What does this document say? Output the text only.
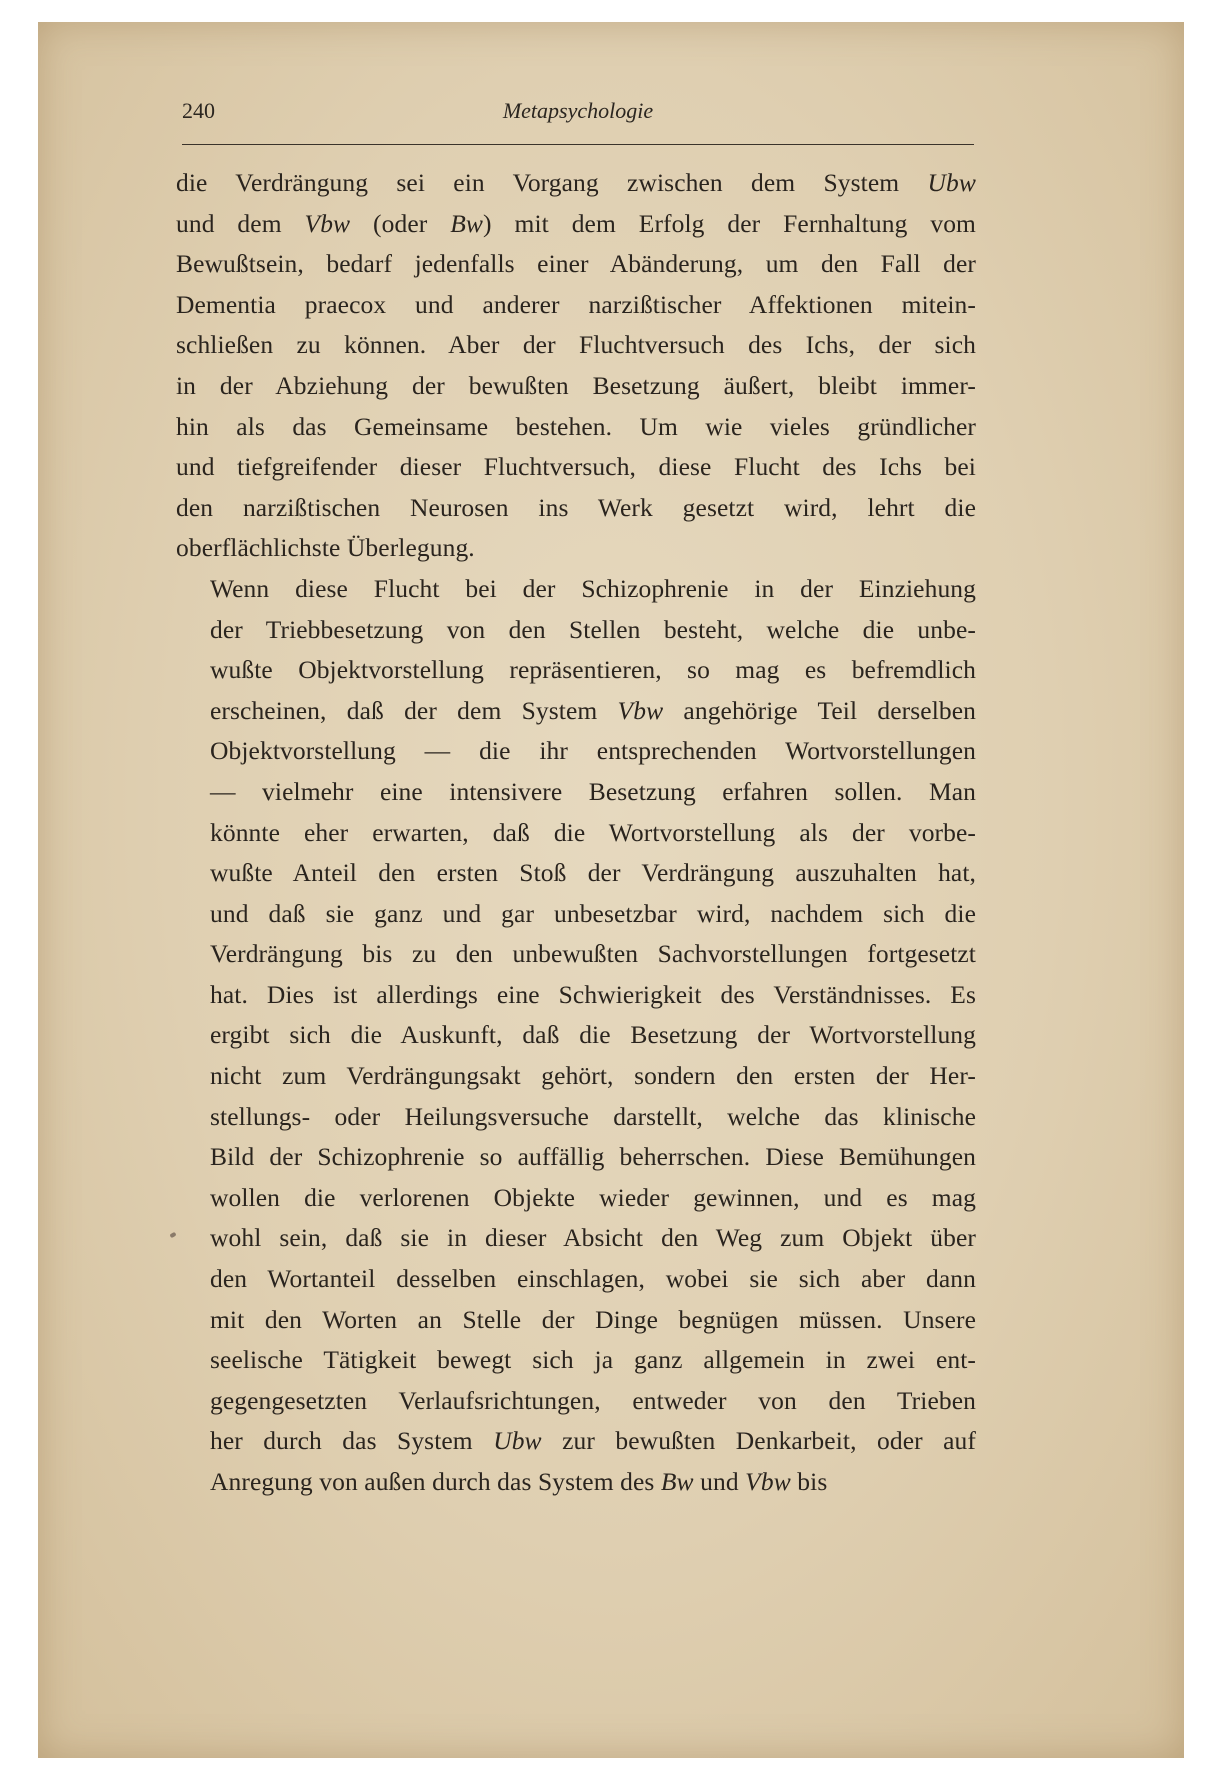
240	Metapsychologie

die Verdrängung sei ein Vorgang zwischen dem System Ubw
und dem Vbw (oder Bw) mit dem Erfolg der Fernhaltung vom
Bewußtsein, bedarf jedenfalls einer Abänderung, um den Fall der
Dementia praecox und anderer narzißtischer Affektionen mitein-
schließen zu können. Aber der Fluchtversuch des Ichs, der sich
in der Abziehung der bewußten Besetzung äußert, bleibt immer-
hin als das Gemeinsame bestehen. Um wie vieles gründlicher
und tiefgreifender dieser Fluchtversuch, diese Flucht des Ichs bei
den narzißtischen Neurosen ins Werk gesetzt wird, lehrt die
oberflächlichste Überlegung.

Wenn diese Flucht bei der Schizophrenie in der Einziehung
der Triebbesetzung von den Stellen besteht, welche die unbe-
wußte Objektvorstellung repräsentieren, so mag es befremdlich
erscheinen, daß der dem System Vbw angehörige Teil derselben
Objektvorstellung — die ihr entsprechenden Wortvorstellungen
— vielmehr eine intensivere Besetzung erfahren sollen. Man
könnte eher erwarten, daß die Wortvorstellung als der vorbe-
wußte Anteil den ersten Stoß der Verdrängung auszuhalten hat,
und daß sie ganz und gar unbesetzbar wird, nachdem sich die
Verdrängung bis zu den unbewußten Sachvorstellungen fortgesetzt
hat. Dies ist allerdings eine Schwierigkeit des Verständnisses. Es
ergibt sich die Auskunft, daß die Besetzung der Wortvorstellung
nicht zum Verdrängungsakt gehört, sondern den ersten der Her-
stellungs- oder Heilungsversuche darstellt, welche das klinische
Bild der Schizophrenie so auffällig beherrschen. Diese Bemühungen
wollen die verlorenen Objekte wieder gewinnen, und es mag
wohl sein, daß sie in dieser Absicht den Weg zum Objekt über
den Wortanteil desselben einschlagen, wobei sie sich aber dann
mit den Worten an Stelle der Dinge begnügen müssen. Unsere
seelische Tätigkeit bewegt sich ja ganz allgemein in zwei ent-
gegengesetzten Verlaufsrichtungen, entweder von den Trieben
her durch das System Ubw zur bewußten Denkarbeit, oder auf
Anregung von außen durch das System des Bw und Vbw bis
